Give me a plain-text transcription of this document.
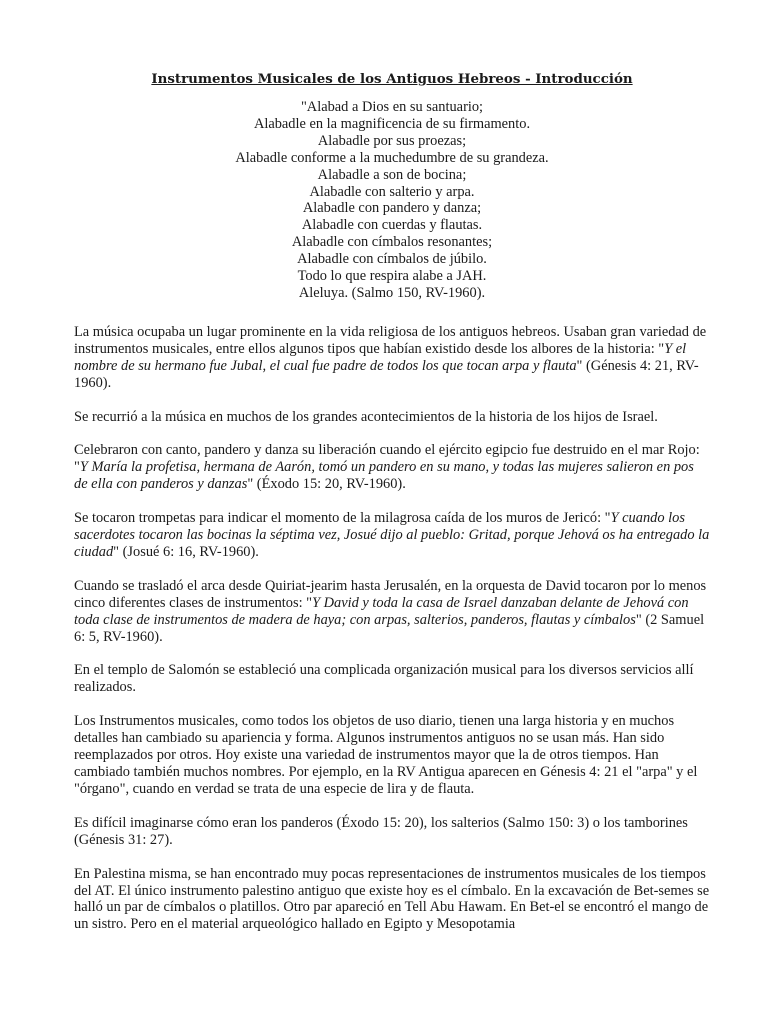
Instrumentos Musicales de los Antiguos Hebreos - Introducción
"Alabad a Dios en su santuario;
Alabadle en la magnificencia de su firmamento.
Alabadle por sus proezas;
Alabadle conforme a la muchedumbre de su grandeza.
Alabadle a son de bocina;
Alabadle con salterio y arpa.
Alabadle con pandero y danza;
Alabadle con cuerdas y flautas.
Alabadle con címbalos resonantes;
Alabadle con címbalos de júbilo.
Todo lo que respira alabe a JAH.
Aleluya. (Salmo 150, RV-1960).

La música ocupaba un lugar prominente en la vida religiosa de los antiguos hebreos. Usaban gran variedad de instrumentos musicales, entre ellos algunos tipos que habían existido desde los albores de la historia: "Y el nombre de su hermano fue Jubal, el cual fue padre de todos los que tocan arpa y flauta" (Génesis 4: 21, RV-1960).

Se recurrió a la música en muchos de los grandes acontecimientos de la historia de los hijos de Israel.

Celebraron con canto, pandero y danza su liberación cuando el ejército egipcio fue destruido en el mar Rojo: "Y María la profetisa, hermana de Aarón, tomó un pandero en su mano, y todas las mujeres salieron en pos de ella con panderos y danzas" (Éxodo 15: 20, RV-1960).

Se tocaron trompetas para indicar el momento de la milagrosa caída de los muros de Jericó: "Y cuando los sacerdotes tocaron las bocinas la séptima vez, Josué dijo al pueblo: Gritad, porque Jehová os ha entregado la ciudad" (Josué 6: 16, RV-1960).

Cuando se trasladó el arca desde Quiriat-jearim hasta Jerusalén, en la orquesta de David tocaron por lo menos cinco diferentes clases de instrumentos: "Y David y toda la casa de Israel danzaban delante de Jehová con toda clase de instrumentos de madera de haya; con arpas, salterios, panderos, flautas y címbalos" (2 Samuel 6: 5, RV-1960).

En el templo de Salomón se estableció una complicada organización musical para los diversos servicios allí realizados.

Los Instrumentos musicales, como todos los objetos de uso diario, tienen una larga historia y en muchos detalles han cambiado su apariencia y forma. Algunos instrumentos antiguos no se usan más. Han sido reemplazados por otros. Hoy existe una variedad de instrumentos mayor que la de otros tiempos. Han cambiado también muchos nombres. Por ejemplo, en la RV Antigua aparecen en Génesis 4: 21 el "arpa" y el "órgano", cuando en verdad se trata de una especie de lira y de flauta.

Es difícil imaginarse cómo eran los panderos (Éxodo 15: 20), los salterios (Salmo 150: 3) o los tamborines (Génesis 31: 27).

En Palestina misma, se han encontrado muy pocas representaciones de instrumentos musicales de los tiempos del AT. El único instrumento palestino antiguo que existe hoy es el címbalo. En la excavación de Bet-semes se halló un par de címbalos o platillos. Otro par apareció en Tell Abu Hawam. En Bet-el se encontró el mango de un sistro. Pero en el material arqueológico hallado en Egipto y Mesopotamia
